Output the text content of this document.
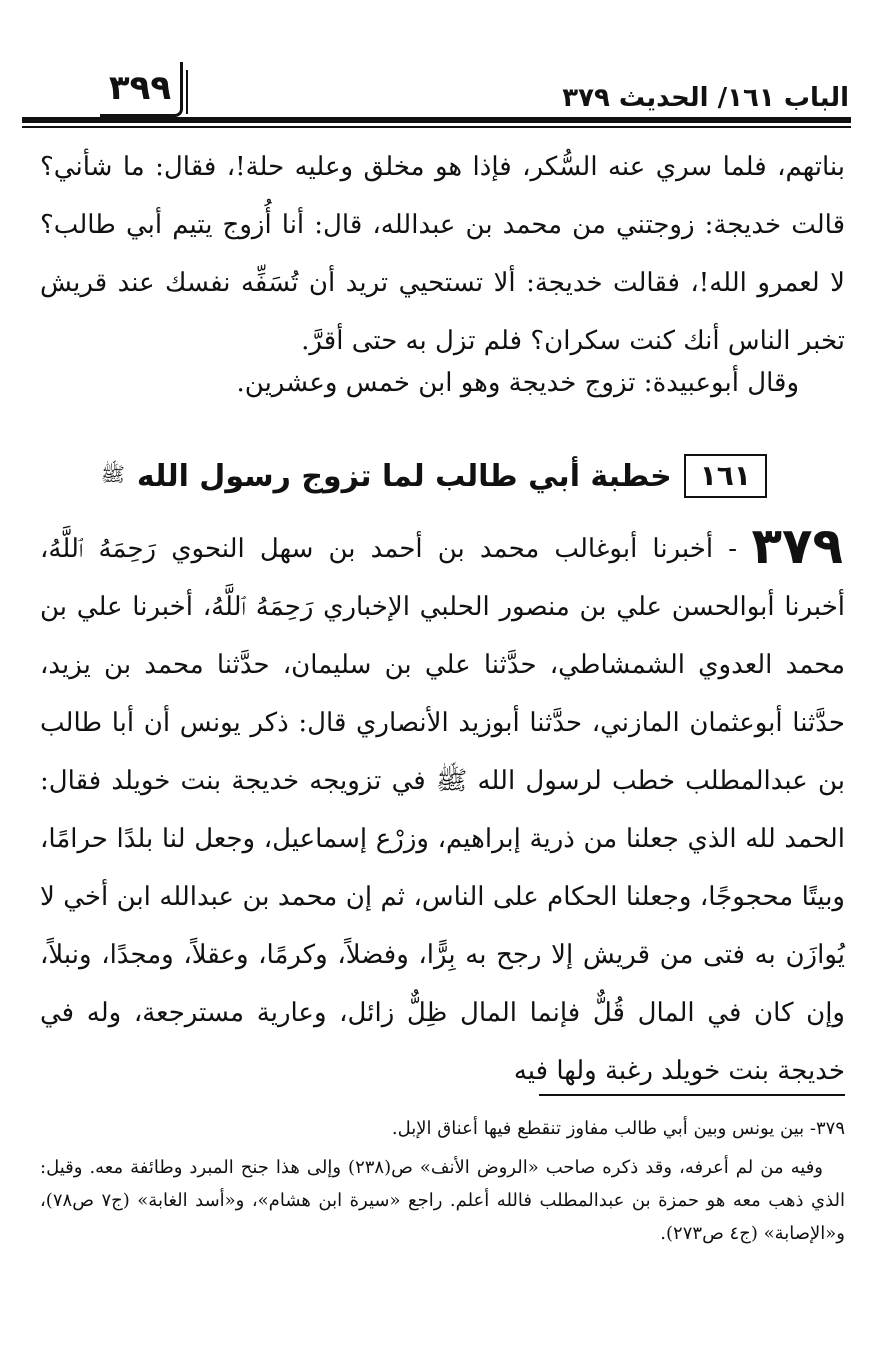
الباب ١٦١/ الحديث ٣٧٩
٣٩٩
بناتهم، فلما سري عنه السُّكر، فإذا هو مخلق وعليه حلة!، فقال: ما شأني؟ قالت خديجة: زوجتني من محمد بن عبدالله، قال: أنا أُزوج يتيم أبي طالب؟ لا لعمرو الله!، فقالت خديجة: ألا تستحيي تريد أن تُسَفِّه نفسك عند قريش تخبر الناس أنك كنت سكران؟ فلم تزل به حتى أقرَّ.
وقال أبوعبيدة: تزوج خديجة وهو ابن خمس وعشرين.
١٦١
خطبة أبي طالب لما تزوج رسول الله
ﷺ
٣٧٩
- أخبرنا أبوغالب محمد بن أحمد بن سهل النحوي رَحِمَهُ ٱللَّهُ، أخبرنا أبوالحسن علي بن منصور الحلبي الإخباري رَحِمَهُ ٱللَّهُ، أخبرنا علي بن محمد العدوي الشمشاطي، حدَّثنا علي بن سليمان، حدَّثنا محمد بن يزيد، حدَّثنا أبوعثمان المازني، حدَّثنا أبوزيد الأنصاري قال: ذكر يونس أن أبا طالب بن عبدالمطلب خطب لرسول الله ﷺ في تزويجه خديجة بنت خويلد فقال: الحمد لله الذي جعلنا من ذرية إبراهيم، وزرْع إسماعيل، وجعل لنا بلدًا حرامًا، وبيتًا محجوجًا، وجعلنا الحكام على الناس، ثم إن محمد بن عبدالله ابن أخي لا يُوازَن به فتى من قريش إلا رجح به بِرًّا، وفضلاً، وكرمًا، وعقلاً، ومجدًا، ونبلاً، وإن كان في المال قُلٌّ فإنما المال ظِلٌّ زائل، وعارية مسترجعة، وله في خديجة بنت خويلد رغبة ولها فيه

٣٧٩- بين يونس وبين أبي طالب مفاوز تنقطع فيها أعناق الإبل.

وفيه من لم أعرفه، وقد ذكره صاحب «الروض الأنف» ص(٢٣٨) وإلى هذا جنح المبرد وطائفة معه. وقيل: الذي ذهب معه هو حمزة بن عبدالمطلب فالله أعلم. راجع «سيرة ابن هشام»، و«أسد الغابة» (ج٧ ص٧٨)، و«الإصابة» (ج٤ ص٢٧٣).
